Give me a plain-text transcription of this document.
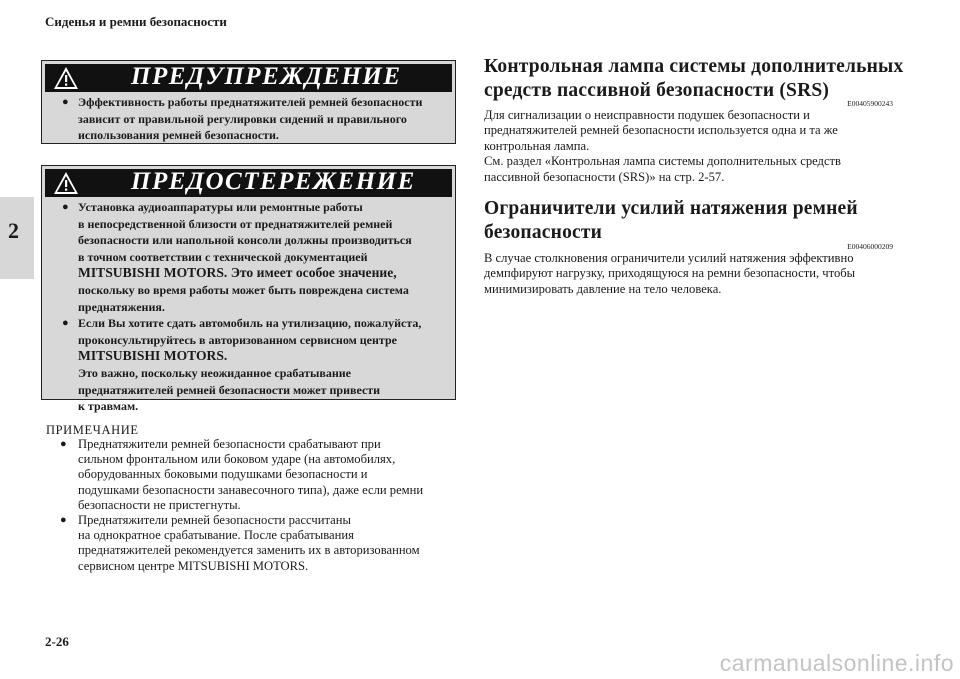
Сиденья и ремни безопасности
2
ПРЕДУПРЕЖДЕНИЕ
● Эффективность работы преднатяжителей ремней безопасности
зависит от правильной регулировки сидений и правильного
использования ремней безопасности.
ПРЕДОСТЕРЕЖЕНИЕ
● Установка аудиоаппаратуры или ремонтные работы
в непосредственной близости от преднатяжителей ремней
безопасности или напольной консоли должны производиться
в точном соответствии с технической документацией
MITSUBISHI MOTORS. Это имеет особое значение,
поскольку во время работы может быть повреждена система
преднатяжения.
● Если Вы хотите сдать автомобиль на утилизацию, пожалуйста,
проконсультируйтесь в авторизованном сервисном центре
MITSUBISHI MOTORS.
Это важно, поскольку неожиданное срабатывание
преднатяжителей ремней безопасности может привести
к травмам.
ПРИМЕЧАНИЕ
● Преднатяжители ремней безопасности срабатывают при
сильном фронтальном или боковом ударе (на автомобилях,
оборудованных боковыми подушками безопасности и
подушками безопасности занавесочного типа), даже если ремни
безопасности не пристегнуты.
● Преднатяжители ремней безопасности рассчитаны
на однократное срабатывание. После срабатывания
преднатяжителей рекомендуется заменить их в авторизованном
сервисном центре MITSUBISHI MOTORS.
Контрольная лампа системы дополнительных
средств пассивной безопасности (SRS)
E00405900243
Для сигнализации о неисправности подушек безопасности и
преднатяжителей ремней безопасности используется одна и та же
контрольная лампа.
См. раздел «Контрольная лампа системы дополнительных средств
пассивной безопасности (SRS)» на стр. 2-57.
Ограничители усилий натяжения ремней
безопасности
E00406000209
В случае столкновения ограничители усилий натяжения эффективно
демпфируют нагрузку, приходящуюся на ремни безопасности, чтобы
минимизировать давление на тело человека.
2-26
carmanualsonline.info
